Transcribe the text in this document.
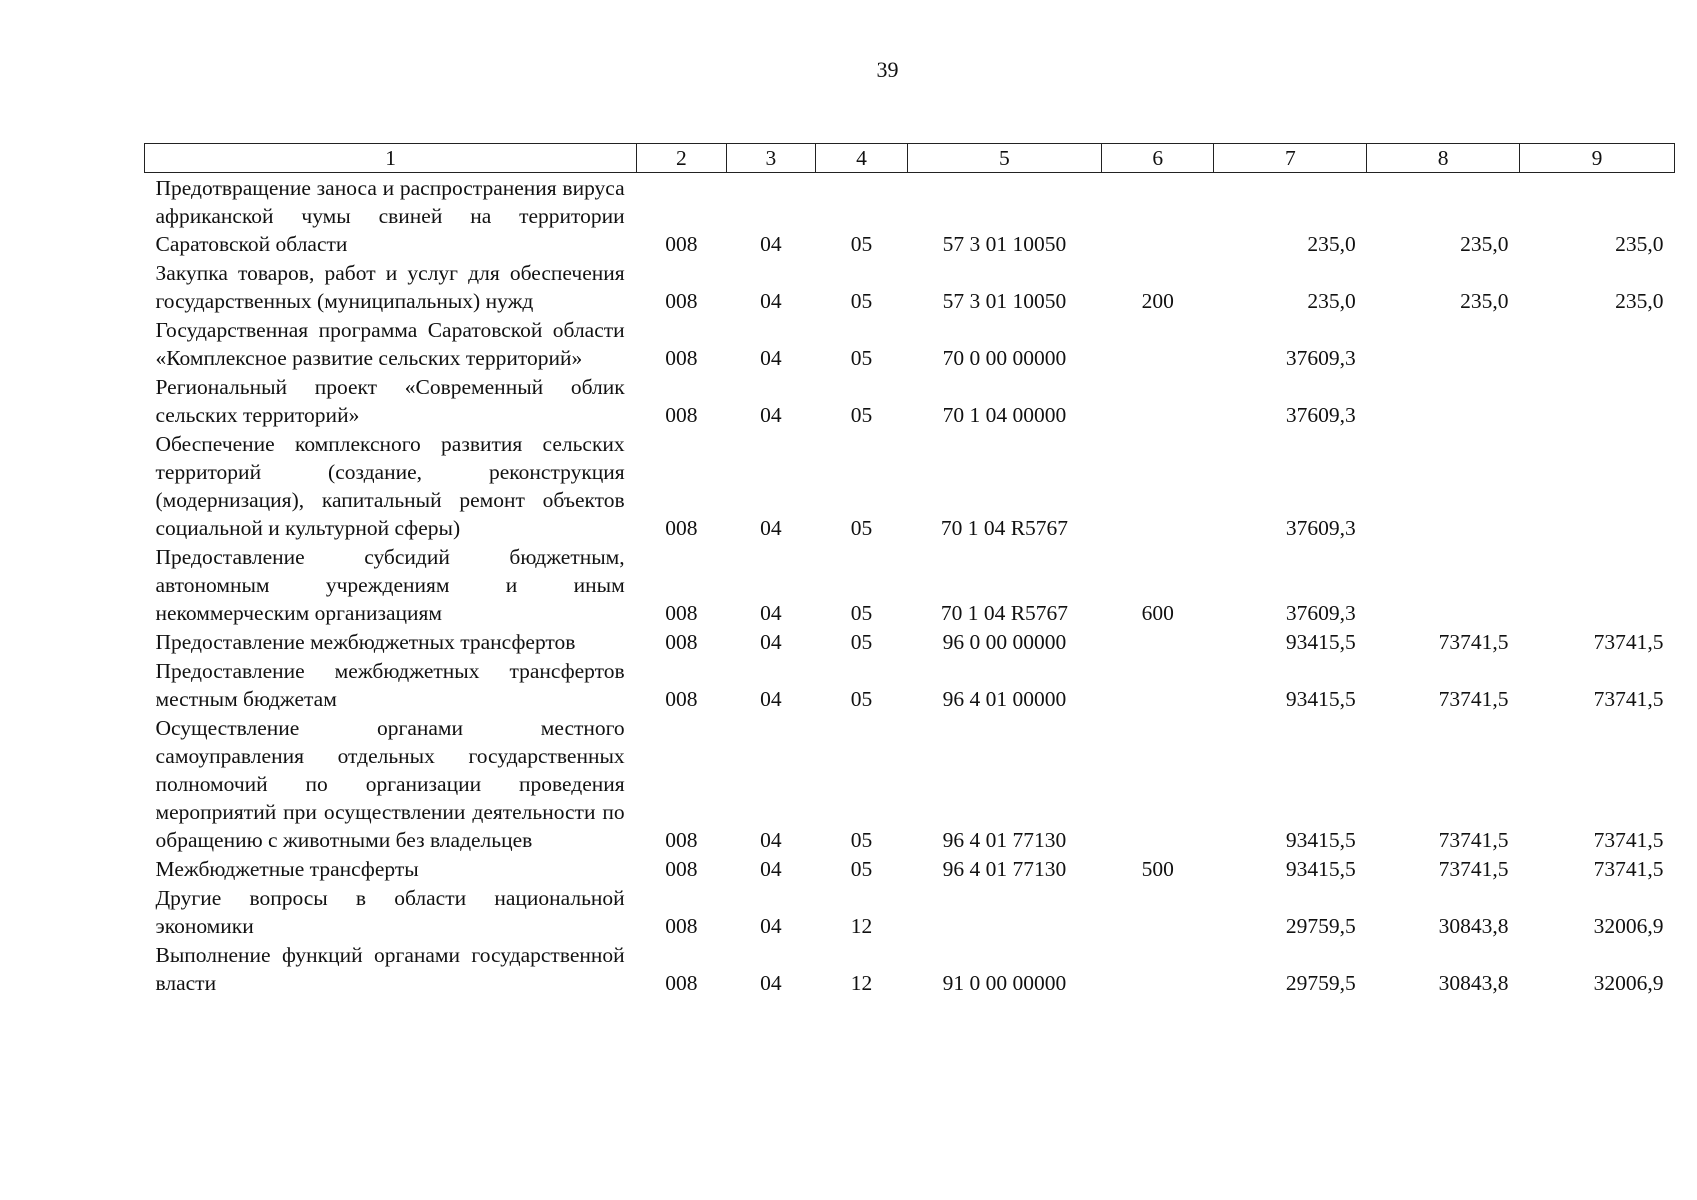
39
1	2	3	4	5	6	7	8	9
Предотвращение заноса и распространения вируса африканской чумы свиней на территории Саратовской области	008	04	05	57 3 01 10050		235,0	235,0	235,0
Закупка товаров, работ и услуг для обеспечения государственных (муниципальных) нужд	008	04	05	57 3 01 10050	200	235,0	235,0	235,0
Государственная программа Саратовской области «Комплексное развитие сельских территорий»	008	04	05	70 0 00 00000		37609,3		
Региональный проект «Современный облик сельских территорий»	008	04	05	70 1 04 00000		37609,3		
Обеспечение комплексного развития сельских территорий (создание, реконструкция (модернизация), капитальный ремонт объектов социальной и культурной сферы)	008	04	05	70 1 04 R5767		37609,3		
Предоставление субсидий бюджетным, автономным учреждениям и иным некоммерческим организациям	008	04	05	70 1 04 R5767	600	37609,3		
Предоставление межбюджетных трансфертов	008	04	05	96 0 00 00000		93415,5	73741,5	73741,5
Предоставление межбюджетных трансфертов местным бюджетам	008	04	05	96 4 01 00000		93415,5	73741,5	73741,5
Осуществление органами местного самоуправления отдельных государственных полномочий по организации проведения мероприятий при осуществлении деятельности по обращению с животными без владельцев	008	04	05	96 4 01 77130		93415,5	73741,5	73741,5
Межбюджетные трансферты	008	04	05	96 4 01 77130	500	93415,5	73741,5	73741,5
Другие вопросы в области национальной экономики	008	04	12			29759,5	30843,8	32006,9
Выполнение функций органами государственной власти	008	04	12	91 0 00 00000		29759,5	30843,8	32006,9
